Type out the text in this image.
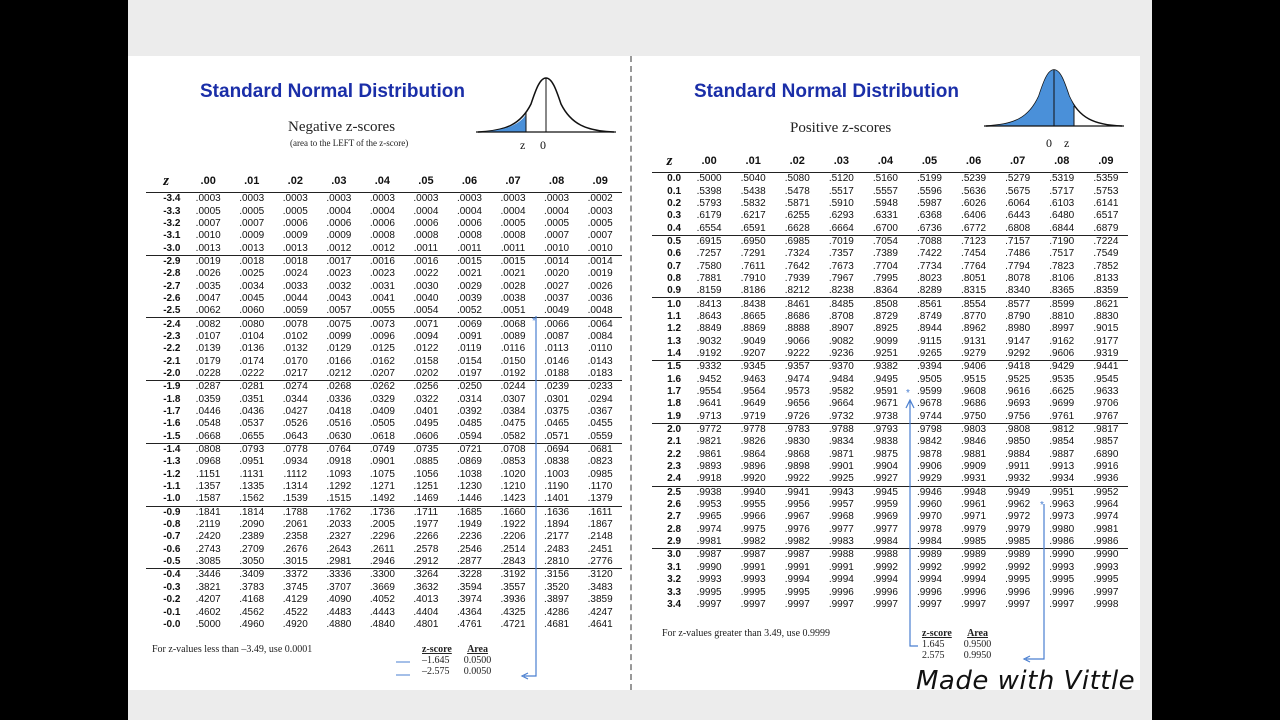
Standard Normal Distribution
z 0
Negative z-scores
(area to the LEFT of the z-score)
z	.00	.01	.02	.03	.04	.05	.06	.07	.08	.09
-3.4	.0003	.0003	.0003	.0003	.0003	.0003	.0003	.0003	.0003	.0002
-3.3	.0005	.0005	.0005	.0004	.0004	.0004	.0004	.0004	.0004	.0003
-3.2	.0007	.0007	.0006	.0006	.0006	.0006	.0006	.0005	.0005	.0005
-3.1	.0010	.0009	.0009	.0009	.0008	.0008	.0008	.0008	.0007	.0007
-3.0	.0013	.0013	.0013	.0012	.0012	.0011	.0011	.0011	.0010	.0010
-2.9	.0019	.0018	.0018	.0017	.0016	.0016	.0015	.0015	.0014	.0014
-2.8	.0026	.0025	.0024	.0023	.0023	.0022	.0021	.0021	.0020	.0019
-2.7	.0035	.0034	.0033	.0032	.0031	.0030	.0029	.0028	.0027	.0026
-2.6	.0047	.0045	.0044	.0043	.0041	.0040	.0039	.0038	.0037	.0036
-2.5	.0062	.0060	.0059	.0057	.0055	.0054	.0052	.0051	.0049	.0048
-2.4	.0082	.0080	.0078	.0075	.0073	.0071	.0069	.0068	.0066	.0064
-2.3	.0107	.0104	.0102	.0099	.0096	.0094	.0091	.0089	.0087	.0084
-2.2	.0139	.0136	.0132	.0129	.0125	.0122	.0119	.0116	.0113	.0110
-2.1	.0179	.0174	.0170	.0166	.0162	.0158	.0154	.0150	.0146	.0143
-2.0	.0228	.0222	.0217	.0212	.0207	.0202	.0197	.0192	.0188	.0183
-1.9	.0287	.0281	.0274	.0268	.0262	.0256	.0250	.0244	.0239	.0233
-1.8	.0359	.0351	.0344	.0336	.0329	.0322	.0314	.0307	.0301	.0294
-1.7	.0446	.0436	.0427	.0418	.0409	.0401	.0392	.0384	.0375	.0367
-1.6	.0548	.0537	.0526	.0516	.0505	.0495	.0485	.0475	.0465	.0455
-1.5	.0668	.0655	.0643	.0630	.0618	.0606	.0594	.0582	.0571	.0559
-1.4	.0808	.0793	.0778	.0764	.0749	.0735	.0721	.0708	.0694	.0681
-1.3	.0968	.0951	.0934	.0918	.0901	.0885	.0869	.0853	.0838	.0823
-1.2	.1151	.1131	.1112	.1093	.1075	.1056	.1038	.1020	.1003	.0985
-1.1	.1357	.1335	.1314	.1292	.1271	.1251	.1230	.1210	.1190	.1170
-1.0	.1587	.1562	.1539	.1515	.1492	.1469	.1446	.1423	.1401	.1379
-0.9	.1841	.1814	.1788	.1762	.1736	.1711	.1685	.1660	.1636	.1611
-0.8	.2119	.2090	.2061	.2033	.2005	.1977	.1949	.1922	.1894	.1867
-0.7	.2420	.2389	.2358	.2327	.2296	.2266	.2236	.2206	.2177	.2148
-0.6	.2743	.2709	.2676	.2643	.2611	.2578	.2546	.2514	.2483	.2451
-0.5	.3085	.3050	.3015	.2981	.2946	.2912	.2877	.2843	.2810	.2776
-0.4	.3446	.3409	.3372	.3336	.3300	.3264	.3228	.3192	.3156	.3120
-0.3	.3821	.3783	.3745	.3707	.3669	.3632	.3594	.3557	.3520	.3483
-0.2	.4207	.4168	.4129	.4090	.4052	.4013	.3974	.3936	.3897	.3859
-0.1	.4602	.4562	.4522	.4483	.4443	.4404	.4364	.4325	.4286	.4247
-0.0	.5000	.4960	.4920	.4880	.4840	.4801	.4761	.4721	.4681	.4641
For z-values less than –3.49, use 0.0001	z-score	Area
–1.645	0.0500
–2.575	0.0050
*
Standard Normal Distribution
0 z
Positive z-scores
z	.00	.01	.02	.03	.04	.05	.06	.07	.08	.09
0.0	.5000	.5040	.5080	.5120	.5160	.5199	.5239	.5279	.5319	.5359
0.1	.5398	.5438	.5478	.5517	.5557	.5596	.5636	.5675	.5717	.5753
0.2	.5793	.5832	.5871	.5910	.5948	.5987	.6026	.6064	.6103	.6141
0.3	.6179	.6217	.6255	.6293	.6331	.6368	.6406	.6443	.6480	.6517
0.4	.6554	.6591	.6628	.6664	.6700	.6736	.6772	.6808	.6844	.6879
0.5	.6915	.6950	.6985	.7019	.7054	.7088	.7123	.7157	.7190	.7224
0.6	.7257	.7291	.7324	.7357	.7389	.7422	.7454	.7486	.7517	.7549
0.7	.7580	.7611	.7642	.7673	.7704	.7734	.7764	.7794	.7823	.7852
0.8	.7881	.7910	.7939	.7967	.7995	.8023	.8051	.8078	.8106	.8133
0.9	.8159	.8186	.8212	.8238	.8364	.8289	.8315	.8340	.8365	.8359
1.0	.8413	.8438	.8461	.8485	.8508	.8561	.8554	.8577	.8599	.8621
1.1	.8643	.8665	.8686	.8708	.8729	.8749	.8770	.8790	.8810	.8830
1.2	.8849	.8869	.8888	.8907	.8925	.8944	.8962	.8980	.8997	.9015
1.3	.9032	.9049	.9066	.9082	.9099	.9115	.9131	.9147	.9162	.9177
1.4	.9192	.9207	.9222	.9236	.9251	.9265	.9279	.9292	.9606	.9319
1.5	.9332	.9345	.9357	.9370	.9382	.9394	.9406	.9418	.9429	.9441
1.6	.9452	.9463	.9474	.9484	.9495	.9505	.9515	.9525	.9535	.9545
1.7	.9554	.9564	.9573	.9582	.9591	.9599	.9608	.9616	.6625	.9633
1.8	.9641	.9649	.9656	.9664	.9671	.9678	.9686	.9693	.9699	.9706
1.9	.9713	.9719	.9726	.9732	.9738	.9744	.9750	.9756	.9761	.9767
2.0	.9772	.9778	.9783	.9788	.9793	.9798	.9803	.9808	.9812	.9817
2.1	.9821	.9826	.9830	.9834	.9838	.9842	.9846	.9850	.9854	.9857
2.2	.9861	.9864	.9868	.9871	.9875	.9878	.9881	.9884	.9887	.6890
2.3	.9893	.9896	.9898	.9901	.9904	.9906	.9909	.9911	.9913	.9916
2.4	.9918	.9920	.9922	.9925	.9927	.9929	.9931	.9932	.9934	.9936
2.5	.9938	.9940	.9941	.9943	.9945	.9946	.9948	.9949	.9951	.9952
2.6	.9953	.9955	.9956	.9957	.9959	.9960	.9961	.9962	.9963	.9964
2.7	.9965	.9966	.9967	.9968	.9969	.9970	.9971	.9972	.9973	.9974
2.8	.9974	.9975	.9976	.9977	.9977	.9978	.9979	.9979	.9980	.9981
2.9	.9981	.9982	.9982	.9983	.9984	.9984	.9985	.9985	.9986	.9986
3.0	.9987	.9987	.9987	.9988	.9988	.9989	.9989	.9989	.9990	.9990
3.1	.9990	.9991	.9991	.9991	.9992	.9992	.9992	.9992	.9993	.9993
3.2	.9993	.9993	.9994	.9994	.9994	.9994	.9994	.9995	.9995	.9995
3.3	.9995	.9995	.9995	.9996	.9996	.9996	.9996	.9996	.9996	.9997
3.4	.9997	.9997	.9997	.9997	.9997	.9997	.9997	.9997	.9997	.9998
For z-values greater than 3.49, use 0.9999	z-score	Area
1.645	0.9500
2.575	0.9950
*
*
Made with Vittle
